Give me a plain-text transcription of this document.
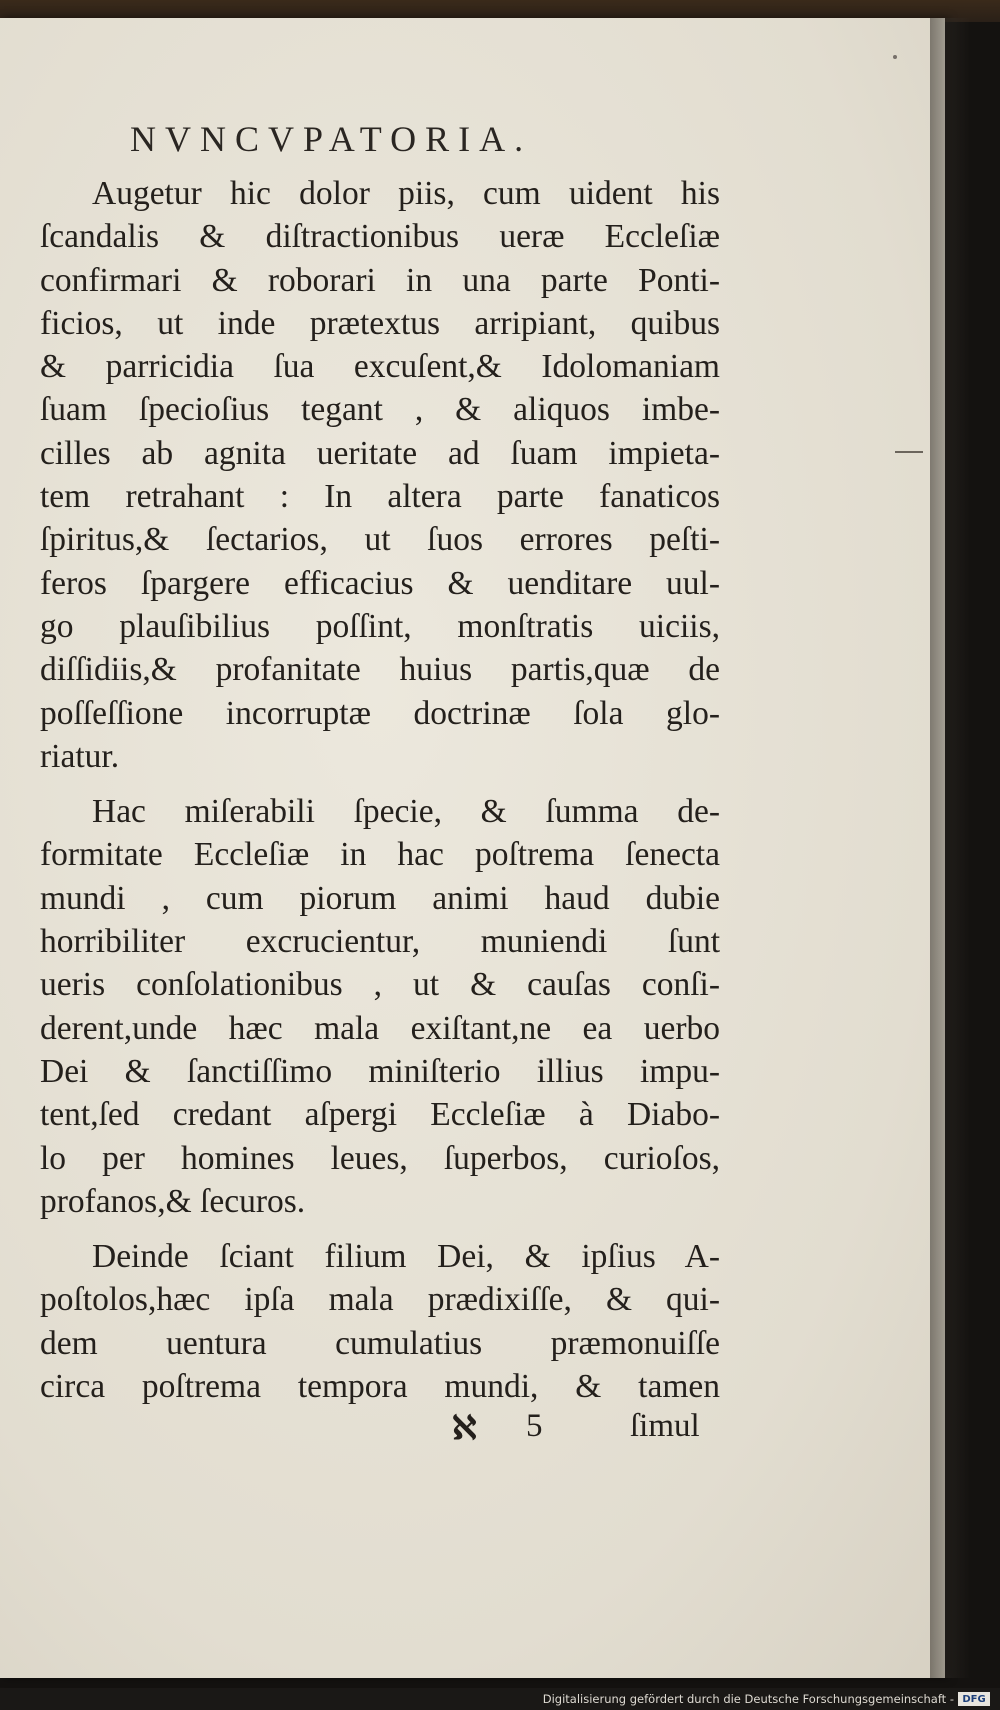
NVNCVPATORIA.
Augetur hic dolor piis, cum uident his
ſcandalis & diſtractionibus ueræ Eccleſiæ
confirmari & roborari in una parte Ponti-
ficios, ut inde prætextus arripiant, quibus
& parricidia ſua excuſent,& Idolomaniam
ſuam ſpecioſius tegant , & aliquos imbe-
cilles ab agnita ueritate ad ſuam impieta-
tem retrahant : In altera parte fanaticos
ſpiritus,& ſectarios, ut ſuos errores peſti-
feros ſpargere efficacius & uenditare uul-
go plauſibilius poſſint, monſtratis uiciis,
diſſidiis,& profanitate huius partis,quæ de
poſſeſſione incorruptæ doctrinæ ſola glo-
riatur.
Hac miſerabili ſpecie, & ſumma de-
formitate Eccleſiæ in hac poſtrema ſenecta
mundi , cum piorum animi haud dubie
horribiliter excrucientur, muniendi ſunt
ueris conſolationibus , ut & cauſas conſi-
derent,unde hæc mala exiſtant,ne ea uerbo
Dei & ſanctiſſimo miniſterio illius impu-
tent,ſed credant aſpergi Eccleſiæ à Diabo-
lo per homines leues, ſuperbos, curioſos,
profanos,& ſecuros.
Deinde ſciant filium Dei, & ipſius A-
poſtolos,hæc ipſa mala prædixiſſe, & qui-
dem uentura cumulatius præmonuiſſe
circa poſtrema tempora mundi, & tamen
ℵ 5	ſimul
Digitalisierung gefördert durch die Deutsche Forschungsgemeinschaft - DFG
